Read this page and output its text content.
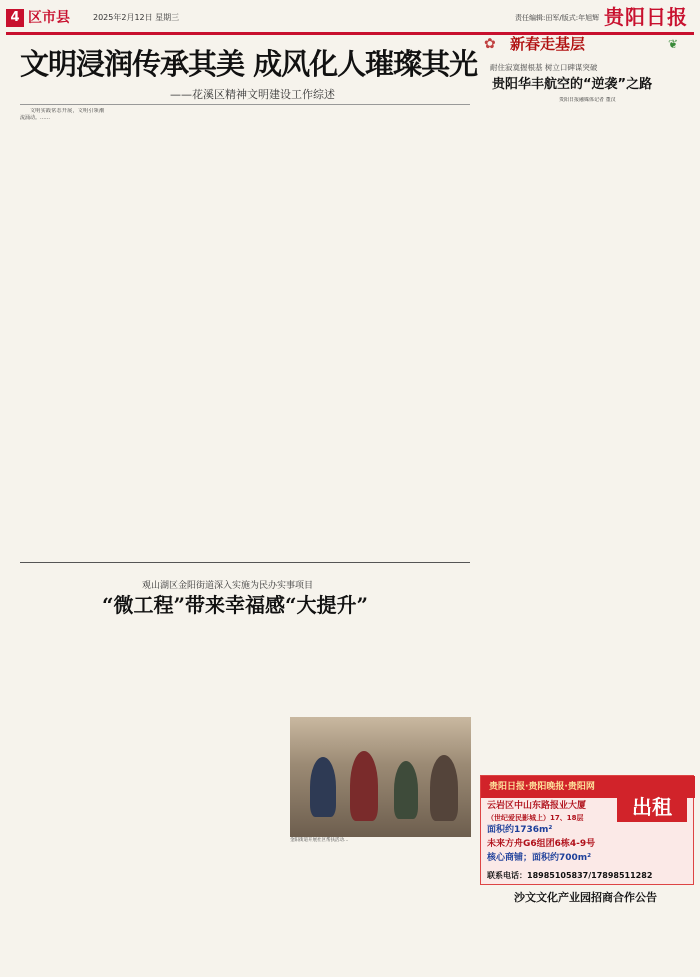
4 区市县	2025年2月12日 星期三	责任编辑:田军/版式:年旭辉 贵阳日报
文明浸润传承其美 成风化人璀璨其光
——花溪区精神文明建设工作综述

文明实践常态开展，文明引领潮流涌动。……

✿ 新春走基层	❦
耐住寂寞握根基 树立口碑谋突破
贵阳华丰航空的“逆袭”之路

贵阳日报融媒体记者 董汉

观山湖区金阳街道深入实施为民办实事项目
“微工程”带来幸福感“大提升”
金阳街道开展社区帮扶活动…
贵阳日报·贵阳晚报·贵阳网
出租
云岩区中山东路报业大厦
（世纪爱民影城上）17、18层
面积约1736m²
未来方舟G6组团6栋4-9号
核心商铺；面积约700m²
联系电话：18985105837/17898511282
沙文文化产业园招商合作公告
